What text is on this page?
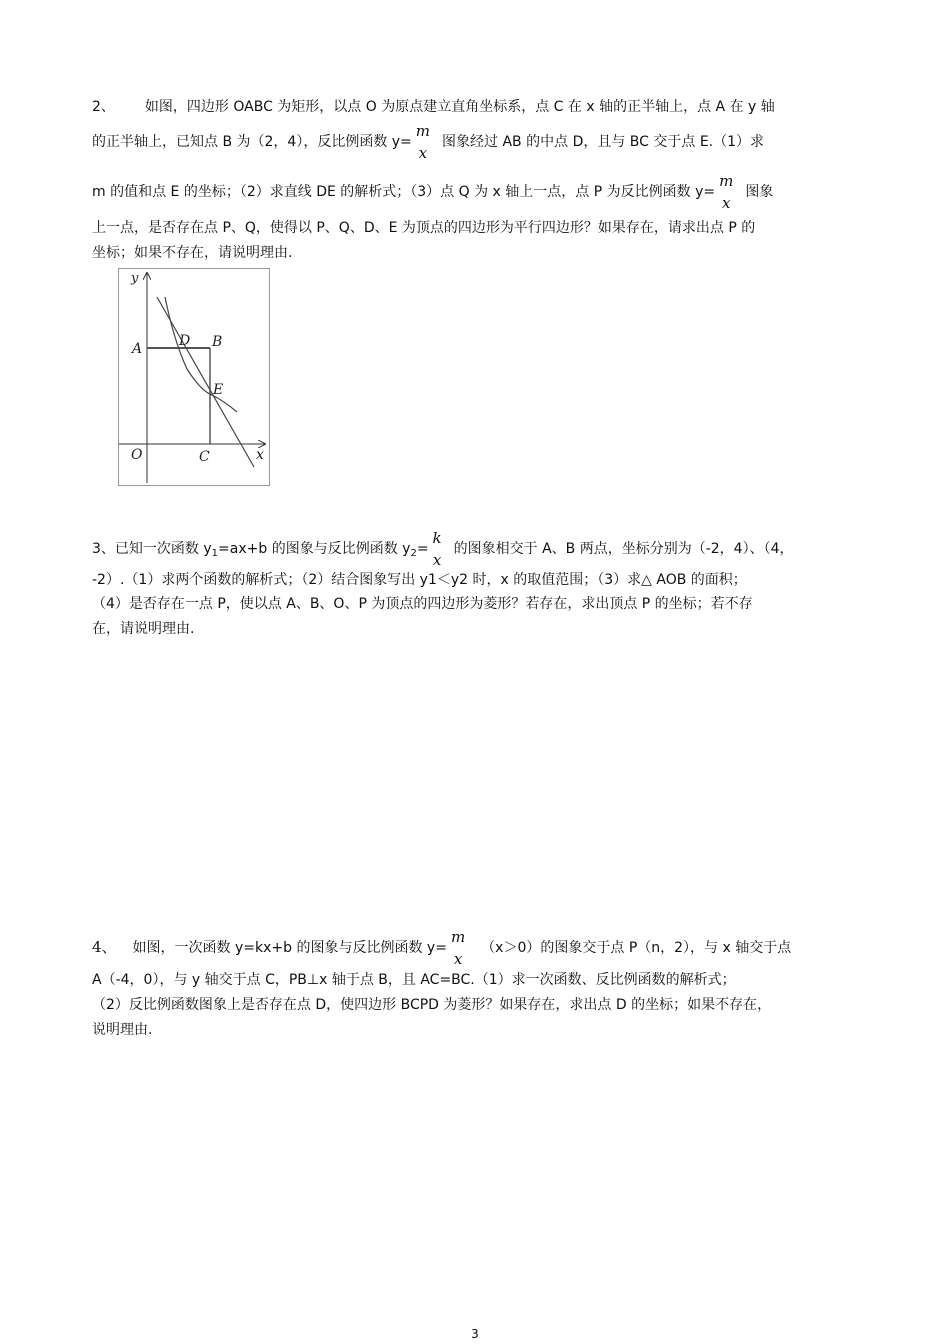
2、 如图，四边形 OABC 为矩形，以点 O 为原点建立直角坐标系，点 C 在 x 轴的正半轴上，点 A 在 y 轴
的正半轴上，已知点 B 为（2，4），反比例函数 y=
m
x
图象经过 AB 的中点 D，且与 BC 交于点 E.（1）求
m 的值和点 E 的坐标；（2）求直线 DE 的解析式；（3）点 Q 为 x 轴上一点，点 P 为反比例函数 y=
m
x
图象
上一点，是否存在点 P、Q，使得以 P、Q、D、E 为顶点的四边形为平行四边形？如果存在，请求出点 P 的
坐标；如果不存在，请说明理由.
y
x
A	D B
E
O	C
3、已知一次函数 $y_1=ax+b$ 的图象与反比例函数 $y_2=$
k
x
的图象相交于 A、B 两点，坐标分别为（-2，4）、（4，
-2）.（1）求两个函数的解析式；（2）结合图象写出 y1＜y2 时，x 的取值范围；（3）求△ AOB 的面积；
（4）是否存在一点 P，使以点 A、B、O、P 为顶点的四边形为菱形？若存在，求出顶点 P 的坐标；若不存
在，请说明理由.
4、 如图，一次函数 y=kx+b 的图象与反比例函数 y=
m
x
（x＞0）的图象交于点 P（n，2），与 x 轴交于点
A（-4，0），与 y 轴交于点 C，PB⊥x 轴于点 B，且 AC=BC.（1）求一次函数、反比例函数的解析式；
（2）反比例函数图象上是否存在点 D，使四边形 BCPD 为菱形？如果存在，求出点 D 的坐标；如果不存在，
说明理由.
3
